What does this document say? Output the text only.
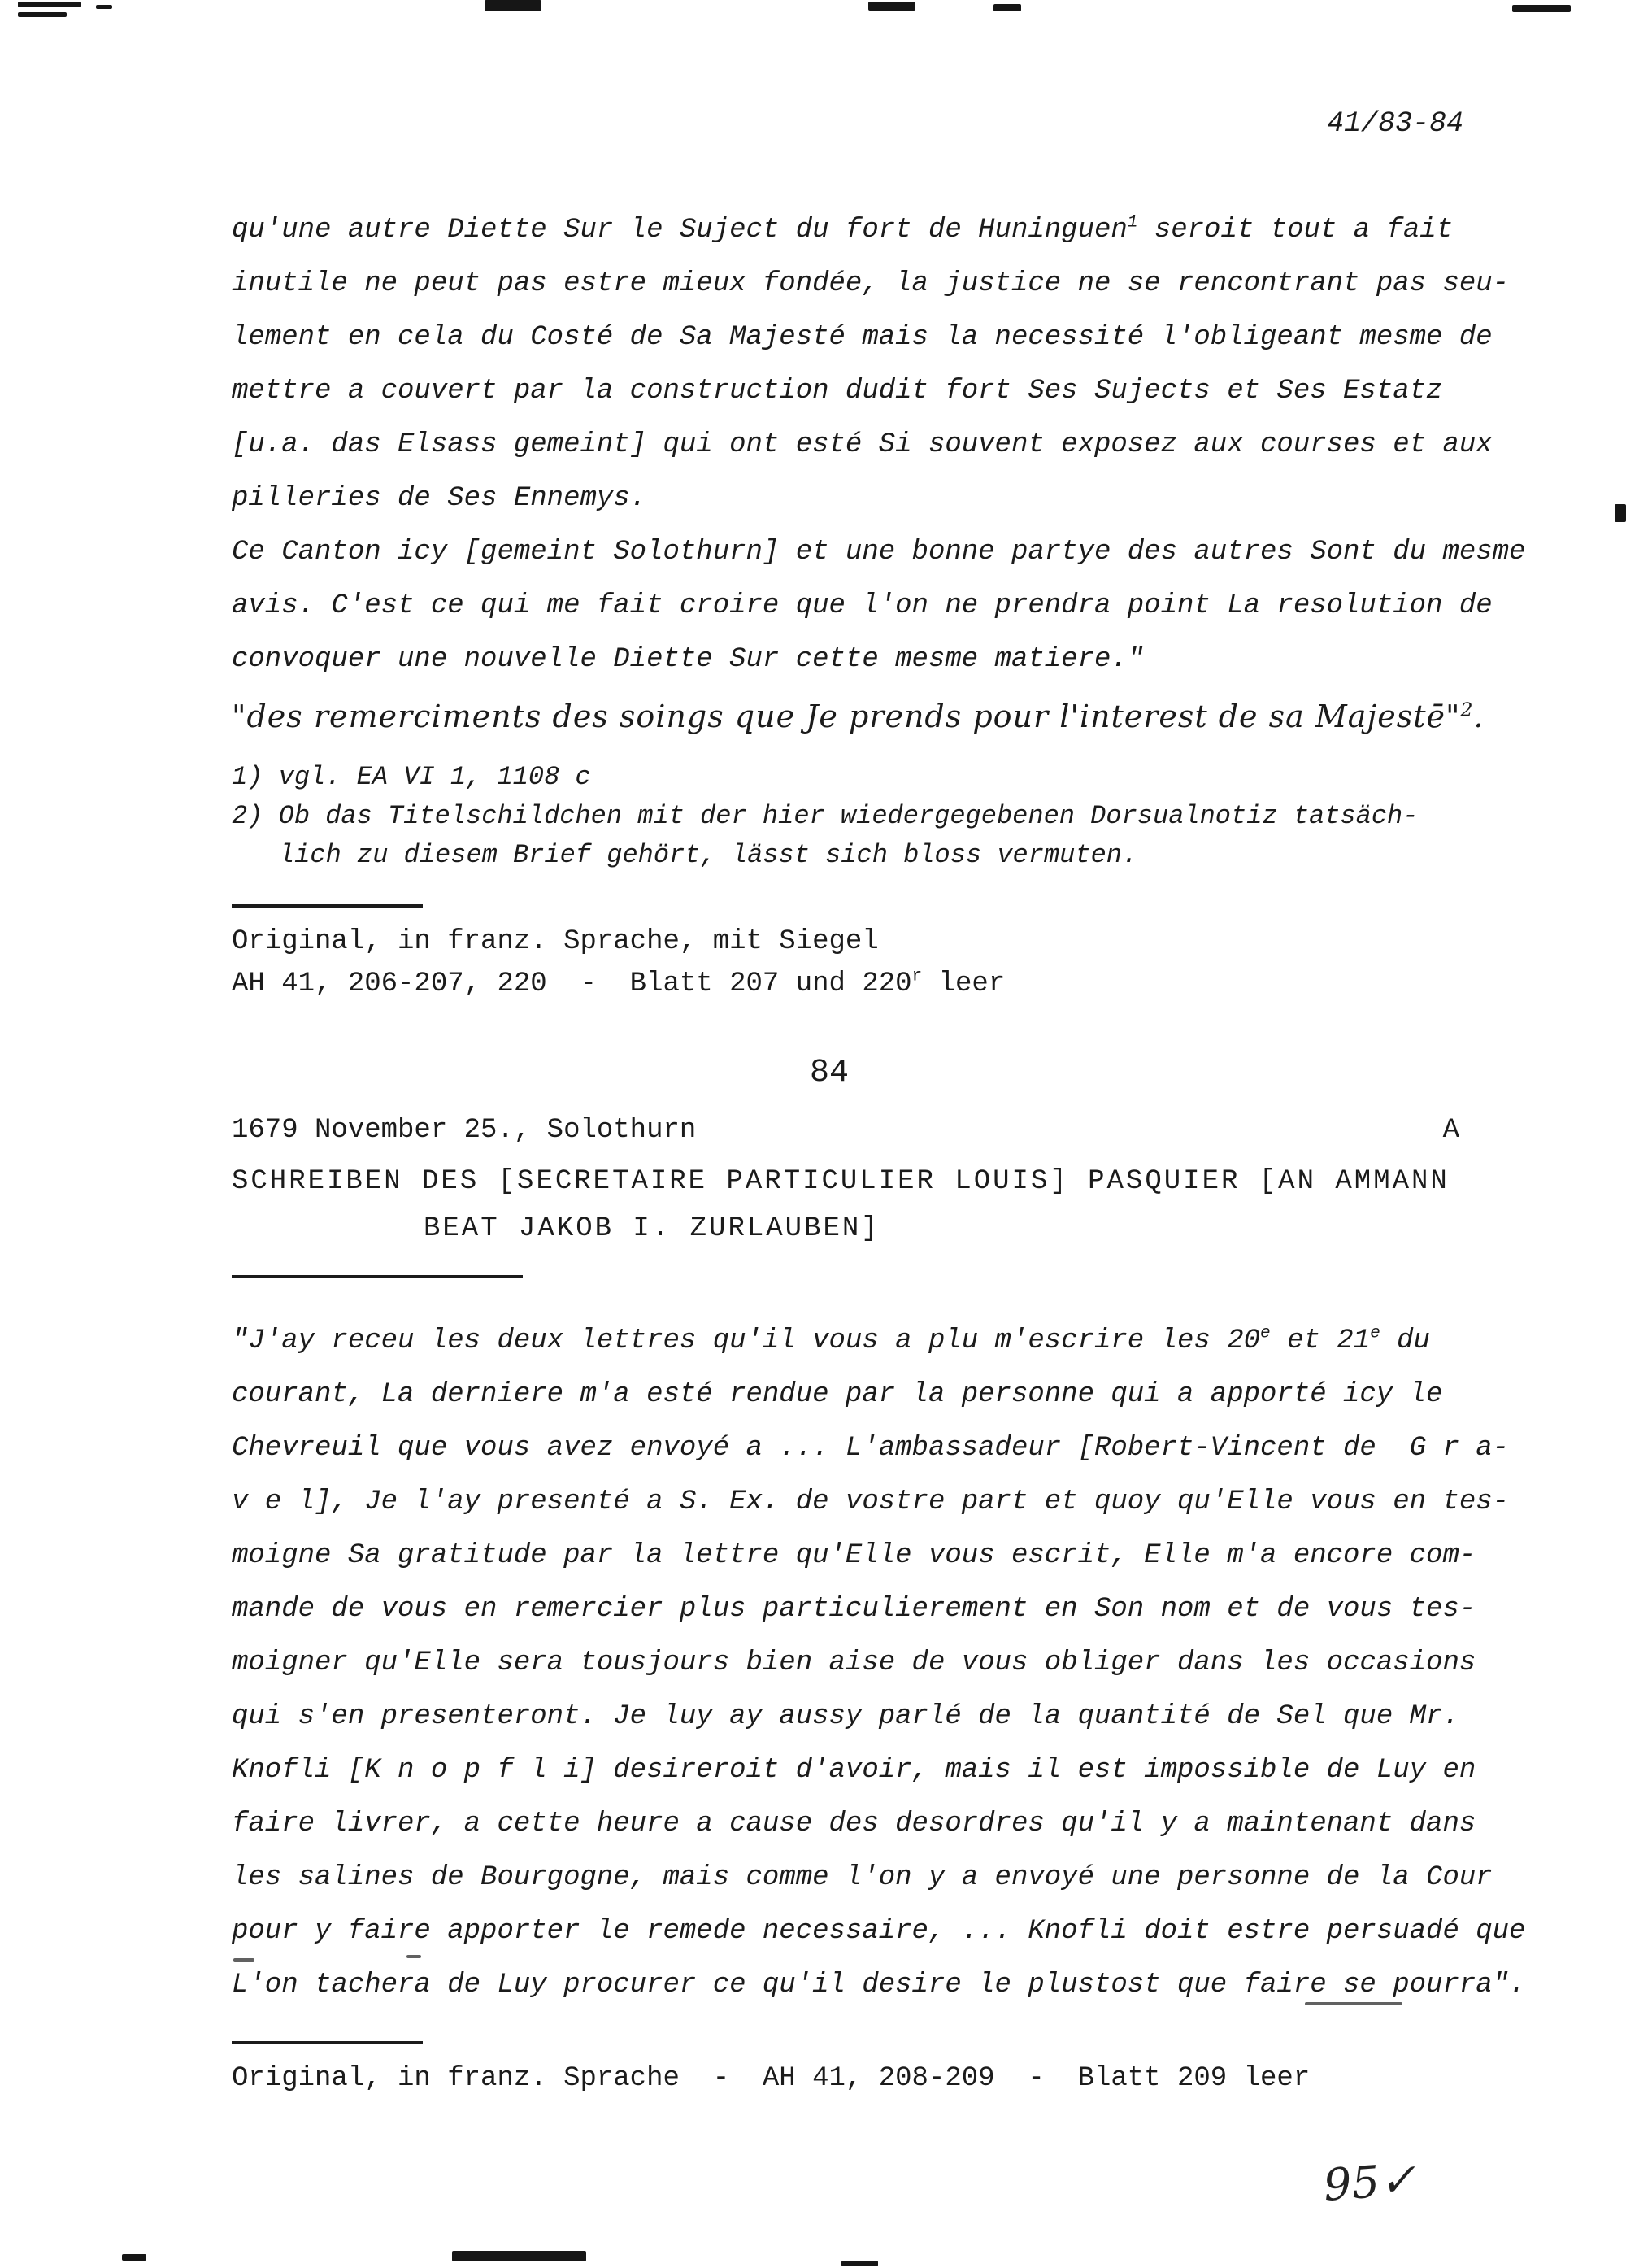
41/83-84
qu'une autre Diette Sur le Suject du fort de Huninguen$^1$ seroit tout a fait
inutile ne peut pas estre mieux fondée, la justice ne se rencontrant pas seu-
lement en cela du Costé de Sa Majesté mais la necessité l'obligeant mesme de
mettre a couvert par la construction dudit fort Ses Sujects et Ses Estatz
[u.a. das Elsass gemeint] qui ont esté Si souvent exposez aux courses et aux
pilleries de Ses Ennemys.
Ce Canton icy [gemeint Solothurn] et une bonne partye des autres Sont du mesme
avis. C'est ce qui me fait croire que l'on ne prendra point La resolution de
convoquer une nouvelle Diette Sur cette mesme matiere."
"des remerciments des soings que Je prends pour l'interest de sa Majestē"$^2$.
1) vgl. EA VI 1, 1108 c
2) Ob das Titelschildchen mit der hier wiedergegebenen Dorsualnotiz tatsäch-
lich zu diesem Brief gehört, lässt sich bloss vermuten.
Original, in franz. Sprache, mit Siegel
AH 41, 206-207, 220  -  Blatt 207 und 220$^r$ leer
84
1679 November 25., Solothurn	A
SCHREIBEN DES [SECRETAIRE PARTICULIER LOUIS] PASQUIER [AN AMMANN
BEAT JAKOB I. ZURLAUBEN]
"J'ay receu les deux lettres qu'il vous a plu m'escrire les 20e et 21e du
courant, La derniere m'a esté rendue par la personne qui a apporté icy le
Chevreuil que vous avez envoyé a ... L'ambassadeur [Robert-Vincent de  G r a-
v e l], Je l'ay presenté a S. Ex. de vostre part et quoy qu'Elle vous en tes-
moigne Sa gratitude par la lettre qu'Elle vous escrit, Elle m'a encore com-
mande de vous en remercier plus particulierement en Son nom et de vous tes-
moigner qu'Elle sera tousjours bien aise de vous obliger dans les occasions
qui s'en presenteront. Je luy ay aussy parlé de la quantité de Sel que Mr.
Knofli [K n o p f l i] desireroit d'avoir, mais il est impossible de Luy en
faire livrer, a cette heure a cause des desordres qu'il y a maintenant dans
les salines de Bourgogne, mais comme l'on y a envoyé une personne de la Cour
pour y faire apporter le remede necessaire, ... Knofli doit estre persuadé que
L'on tachera de Luy procurer ce qu'il desire le plustost que faire se pourra".
Original, in franz. Sprache  -  AH 41, 208-209  -  Blatt 209 leer
95✓
